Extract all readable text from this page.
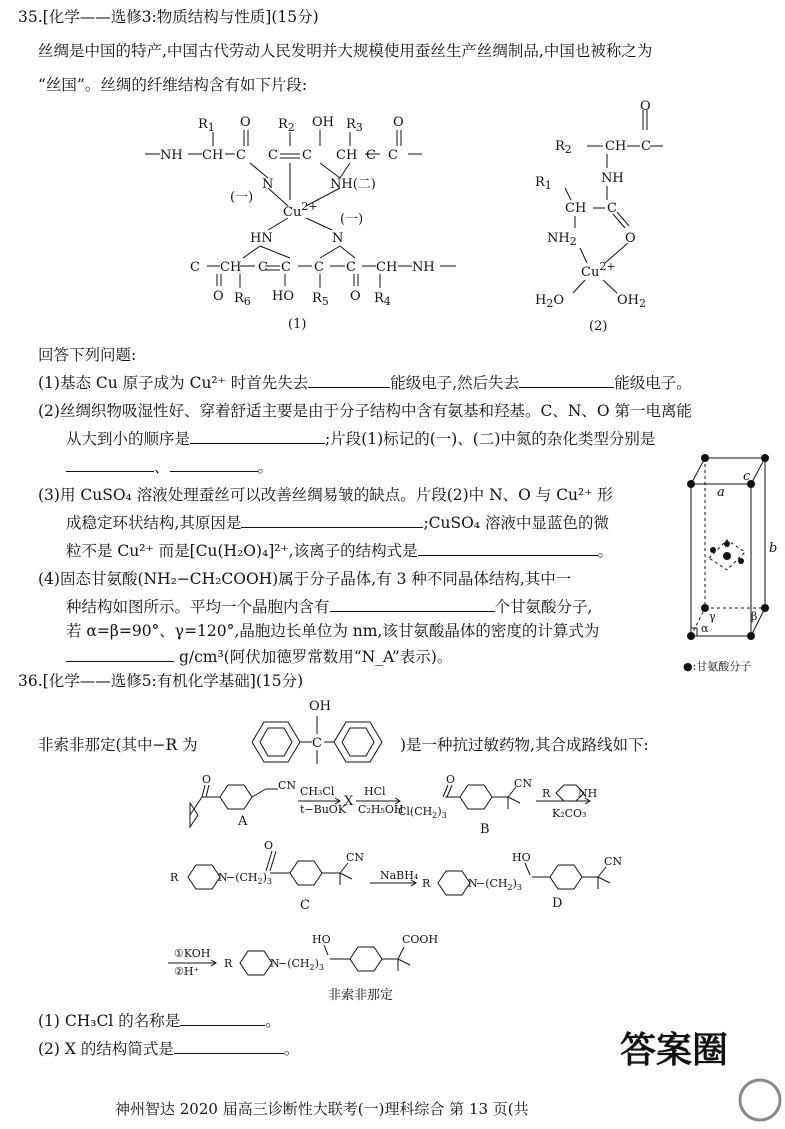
35.[化学——选修3:物质结构与性质](15分)
丝绸是中国的特产,中国古代劳动人民发明并大规模使用蚕丝生产丝绸制品,中国也被称之为
“丝国”。丝绸的纤维结构含有如下片段:
$R_1$ O $R_2$ OH $R_3$ O
NH CH C C C CH C C
N	NH(二)
(一)
$Cu^{2+}$
(一)
HN	N
C CH C C C C CH NH
O $R_6$ HO $R_5$ O $R_4$
(1)
O
$R_2$	CH C
NH
$R_1$
CH C
$NH_2$	O
$Cu^{2+}$
$H_2O$	$OH_2$
(2)
回答下列问题:
(1)基态 Cu 原子成为 Cu²⁺ 时首先失去	能级电子,然后失去	能级电子。
(2)丝绸织物吸湿性好、穿着舒适主要是由于分子结构中含有氨基和羟基。C、N、O 第一电离能
从大到小的顺序是	;片段(1)标记的(一)、(二)中氮的杂化类型分别是
、	。
(3)用 CuSO₄ 溶液处理蚕丝可以改善丝绸易皱的缺点。片段(2)中 N、O 与 Cu²⁺ 形
成稳定环状结构,其原因是	;CuSO₄ 溶液中显蓝色的微
粒不是 Cu²⁺ 而是[Cu(H₂O)₄]²⁺,该离子的结构式是	。
(4)固态甘氨酸(NH₂−CH₂COOH)属于分子晶体,有 3 种不同晶体结构,其中一
种结构如图所示。平均一个晶胞内含有	个甘氨酸分子,
若 α=β=90°、γ=120°,晶胞边长单位为 nm,该甘氨酸晶体的密度的计算式为
g/cm³(阿伏加德罗常数用“N_A”表示)。
a
c
b
γ
α
β
●:甘氨酸分子
36.[化学——选修5:有机化学基础](15分)
非索非那定(其中−R 为
OH
C	)是一种抗过敏药物,其合成路线如下:
O	CN
A
CH₃Cl
t−BuOK
X
HCl
C₂H₅OH
$Cl(CH_2)_3$
O	CN
B
R	NH
K₂CO₃
R	N
$-(CH_2)_3$
O
CN
C
NaBH₄
R	N
$-(CH_2)_3$
HO	CN
D
①KOH
②H⁺
R	N
$-(CH_2)_3$
HO	COOH
非索非那定
(1) CH₃Cl 的名称是	。
(2) X 的结构简式是	。
神州智达 2020 届高三诊断性大联考(一)理科综合 第 13 页(共
答案圈
